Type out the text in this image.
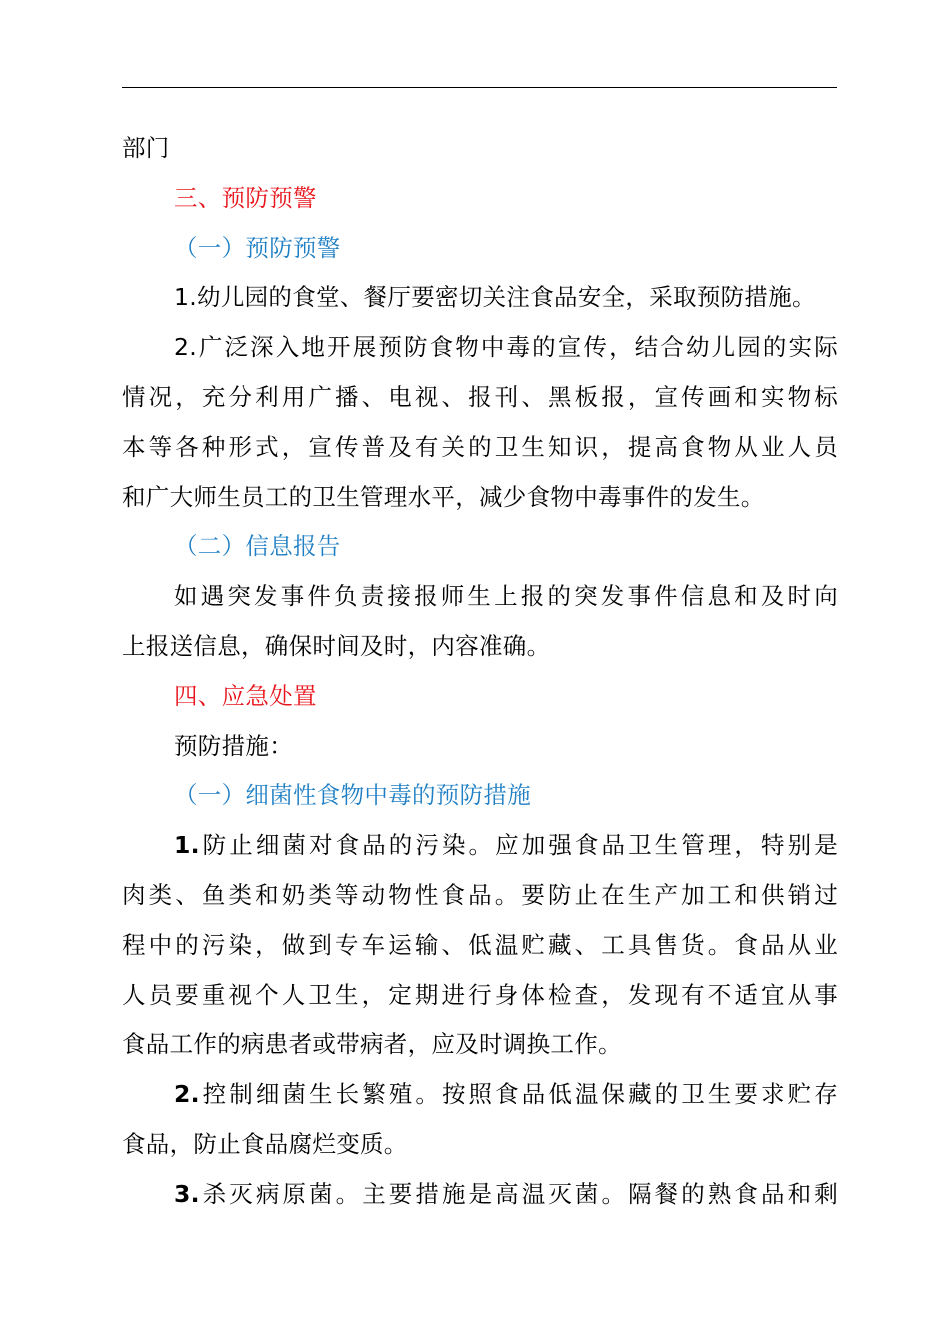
部门
三、预防预警
（一）预防预警
1.幼儿园的食堂、餐厅要密切关注食品安全，采取预防措施。
2.广泛深入地开展预防食物中毒的宣传，结合幼儿园的实际
情况，充分利用广播、电视、报刊、黑板报，宣传画和实物标
本等各种形式，宣传普及有关的卫生知识，提高食物从业人员
和广大师生员工的卫生管理水平，减少食物中毒事件的发生。
（二）信息报告
如遇突发事件负责接报师生上报的突发事件信息和及时向
上报送信息，确保时间及时，内容准确。
四、应急处置
预防措施：
（一）细菌性食物中毒的预防措施
1.防止细菌对食品的污染。应加强食品卫生管理，特别是
肉类、鱼类和奶类等动物性食品。要防止在生产加工和供销过
程中的污染，做到专车运输、低温贮藏、工具售货。食品从业
人员要重视个人卫生，定期进行身体检查，发现有不适宜从事
食品工作的病患者或带病者，应及时调换工作。
2.控制细菌生长繁殖。按照食品低温保藏的卫生要求贮存
食品，防止食品腐烂变质。
3.杀灭病原菌。主要措施是高温灭菌。隔餐的熟食品和剩
